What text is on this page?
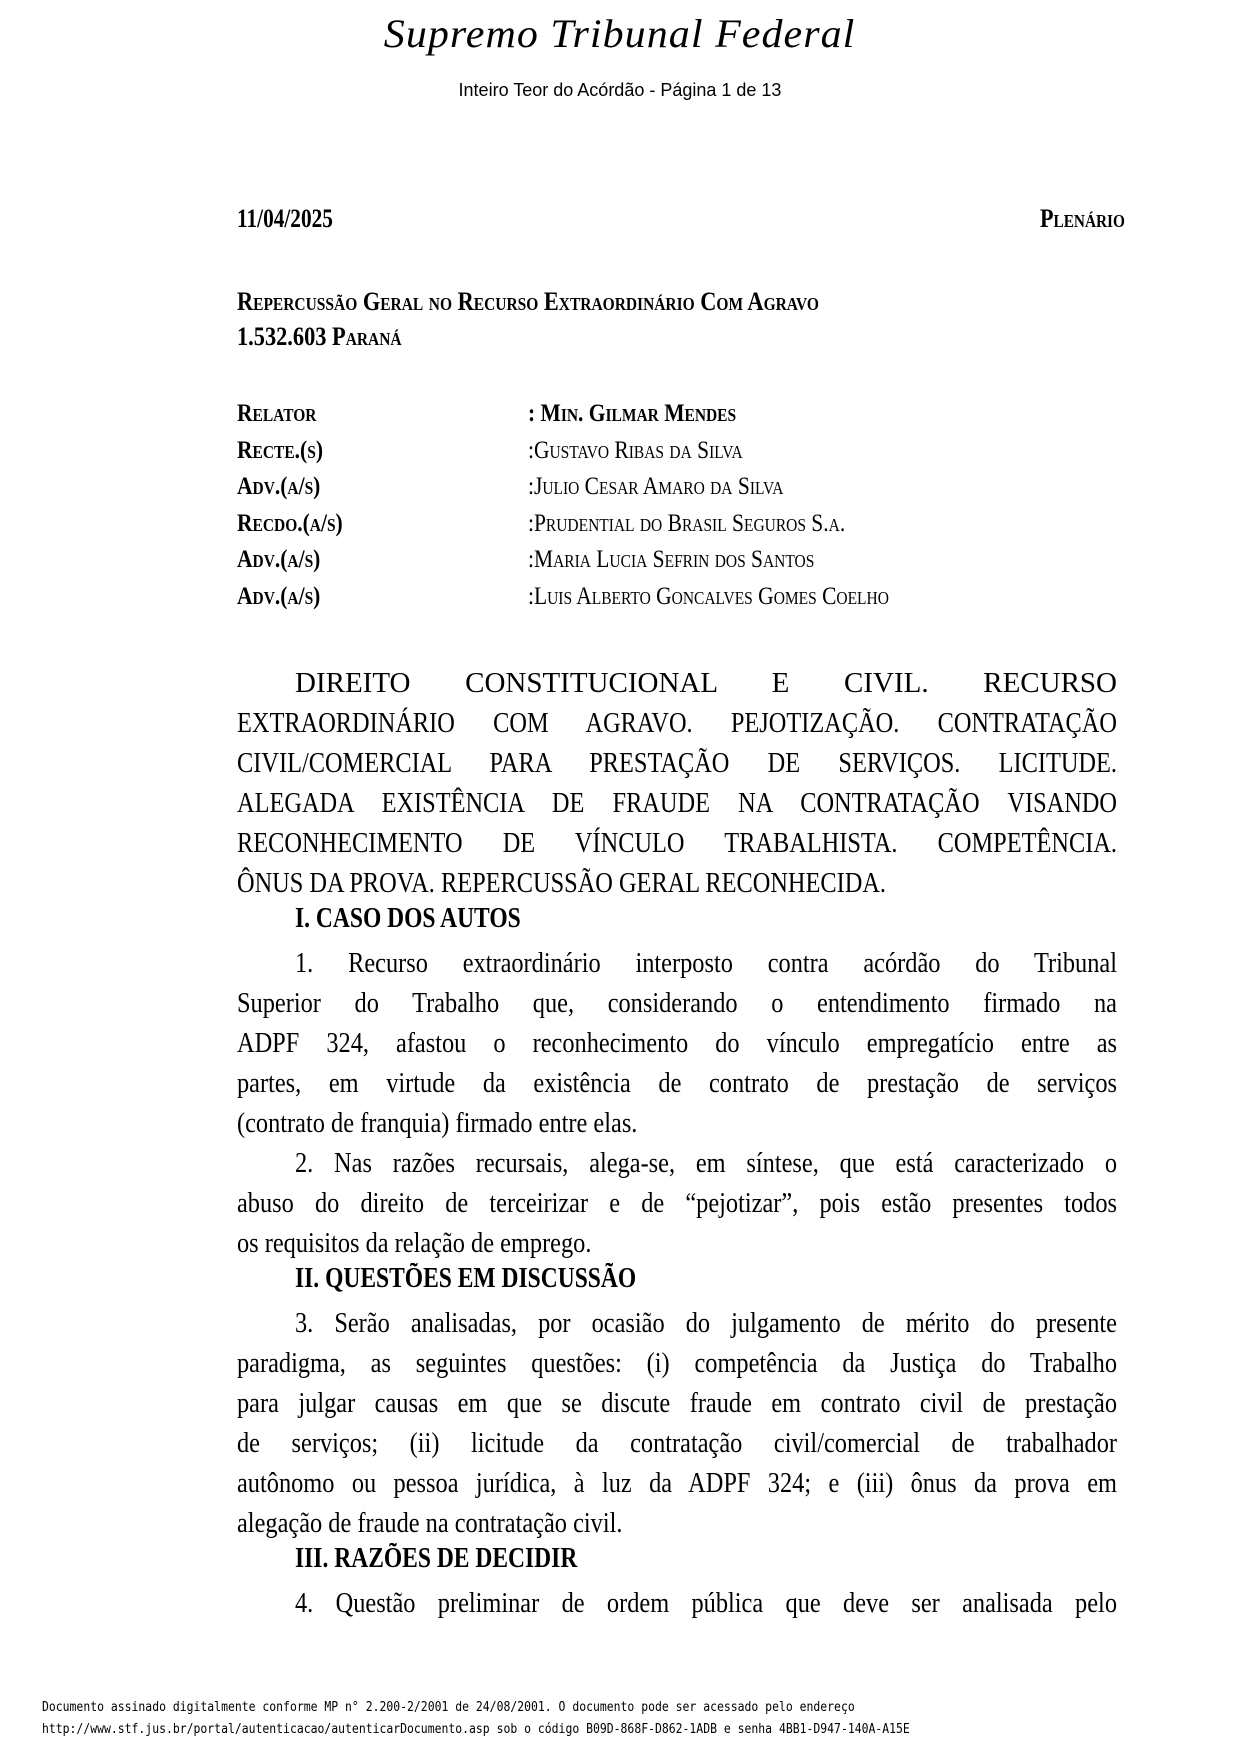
Supremo Tribunal Federal
Inteiro Teor do Acórdão - Página 1 de 13
11/04/2025	Plenário
Repercussão Geral no Recurso Extraordinário Com Agravo
1.532.603 Paraná
Relator	: Min. Gilmar Mendes
Recte.(s)	:Gustavo Ribas da Silva
Adv.(a/s)	:Julio Cesar Amaro da Silva
Recdo.(a/s)	:Prudential do Brasil Seguros S.a.
Adv.(a/s)	:Maria Lucia Sefrin dos Santos
Adv.(a/s)	:Luis Alberto Goncalves Gomes Coelho
DIREITO CONSTITUCIONAL E CIVIL. RECURSO
EXTRAORDINÁRIO COM AGRAVO. PEJOTIZAÇÃO. CONTRATAÇÃO
CIVIL/COMERCIAL PARA PRESTAÇÃO DE SERVIÇOS. LICITUDE.
ALEGADA EXISTÊNCIA DE FRAUDE NA CONTRATAÇÃO VISANDO
RECONHECIMENTO DE VÍNCULO TRABALHISTA. COMPETÊNCIA.
ÔNUS DA PROVA. REPERCUSSÃO GERAL RECONHECIDA.
I. CASO DOS AUTOS
1. Recurso extraordinário interposto contra acórdão do Tribunal
Superior do Trabalho que, considerando o entendimento firmado na
ADPF 324, afastou o reconhecimento do vínculo empregatício entre as
partes, em virtude da existência de contrato de prestação de serviços
(contrato de franquia) firmado entre elas.
2. Nas razões recursais, alega-se, em síntese, que está caracterizado o
abuso do direito de terceirizar e de “pejotizar”, pois estão presentes todos
os requisitos da relação de emprego.
II. QUESTÕES EM DISCUSSÃO
3. Serão analisadas, por ocasião do julgamento de mérito do presente
paradigma, as seguintes questões: (i) competência da Justiça do Trabalho
para julgar causas em que se discute fraude em contrato civil de prestação
de serviços; (ii) licitude da contratação civil/comercial de trabalhador
autônomo ou pessoa jurídica, à luz da ADPF 324; e (iii) ônus da prova em
alegação de fraude na contratação civil.
III. RAZÕES DE DECIDIR
4. Questão preliminar de ordem pública que deve ser analisada pelo
Documento assinado digitalmente conforme MP n° 2.200-2/2001 de 24/08/2001. O documento pode ser acessado pelo endereço
http://www.stf.jus.br/portal/autenticacao/autenticarDocumento.asp sob o código B09D-868F-D862-1ADB e senha 4BB1-D947-140A-A15E
